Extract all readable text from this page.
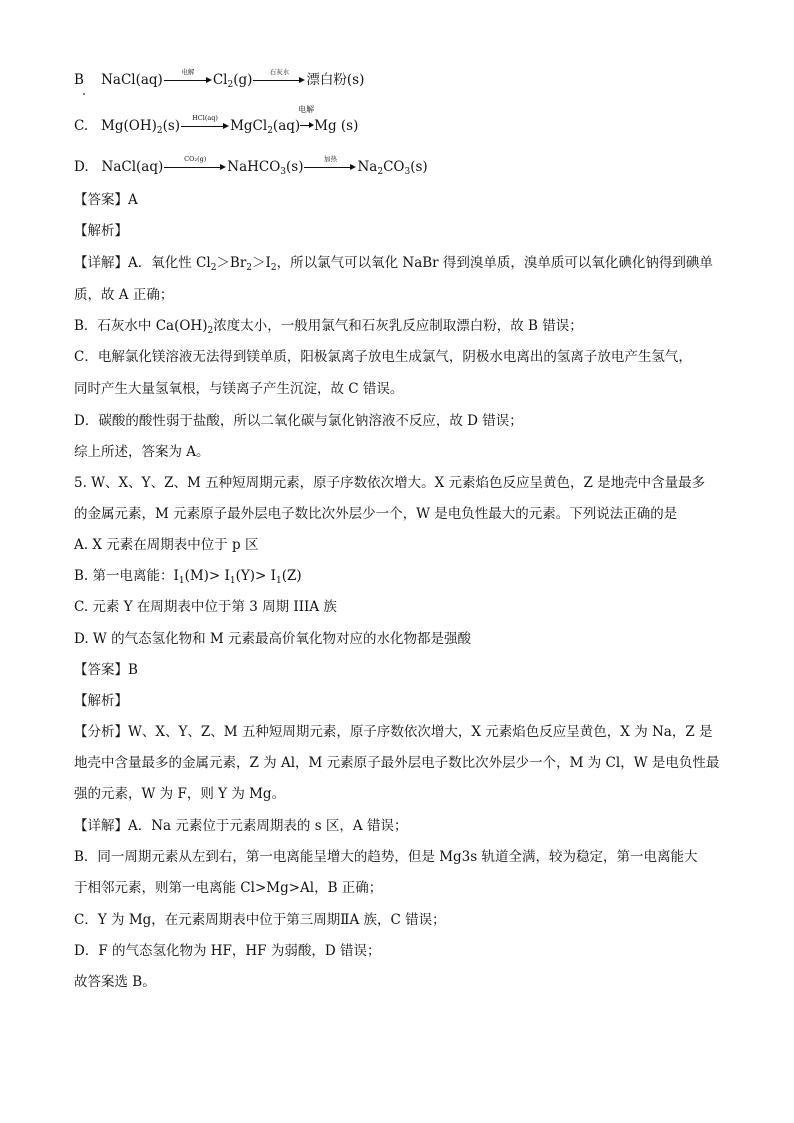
B NaCl(aq)	电解	$Cl_2(g)$	石灰水	漂白粉(s)
C. $Mg(OH)_2(s)$	HCl(aq) MgCl$_2$(aq)
电解
Mg (s)
D. NaCl(aq)	CO₂(g)	NaHCO$_3$(s)	加热	$Na_2CO_3(s)$
【答案】A
【解析】
【详解】A．氧化性 $Cl_2>Br_2>I_2$，所以氯气可以氧化 NaBr 得到溴单质，溴单质可以氧化碘化钠得到碘单
质，故 A 正确；
B．石灰水中 $Ca(OH)_2$浓度太小，一般用氯气和石灰乳反应制取漂白粉，故 B 错误；
C．电解氯化镁溶液无法得到镁单质，阳极氯离子放电生成氯气，阴极水电离出的氢离子放电产生氢气，
同时产生大量氢氧根，与镁离子产生沉淀，故 C 错误。
D．碳酸的酸性弱于盐酸，所以二氧化碳与氯化钠溶液不反应，故 D 错误；
综上所述，答案为 A。
5. W、X、Y、Z、M 五种短周期元素，原子序数依次增大。X 元素焰色反应呈黄色，Z 是地壳中含量最多
的金属元素，M 元素原子最外层电子数比次外层少一个，W 是电负性最大的元素。下列说法正确的是
A. X 元素在周期表中位于 p 区
B. 第一电离能：$I_1(M)> I_1(Y)> I_1(Z)$
C. 元素 Y 在周期表中位于第 3 周期 IIIA 族
D. W 的气态氢化物和 M 元素最高价氧化物对应的水化物都是强酸
【答案】B
【解析】
【分析】W、X、Y、Z、M 五种短周期元素，原子序数依次增大，X 元素焰色反应呈黄色，X 为 Na，Z 是
地壳中含量最多的金属元素，Z 为 Al，M 元素原子最外层电子数比次外层少一个，M 为 Cl，W 是电负性最
强的元素，W 为 F，则 Y 为 Mg。
【详解】A．Na 元素位于元素周期表的 s 区，A 错误；
B．同一周期元素从左到右，第一电离能呈增大的趋势，但是 Mg3s 轨道全满，较为稳定，第一电离能大
于相邻元素，则第一电离能 Cl>Mg>Al，B 正确；
C．Y 为 Mg，在元素周期表中位于第三周期ⅡA 族，C 错误；
D．F 的气态氢化物为 HF，HF 为弱酸，D 错误；
故答案选 B。
